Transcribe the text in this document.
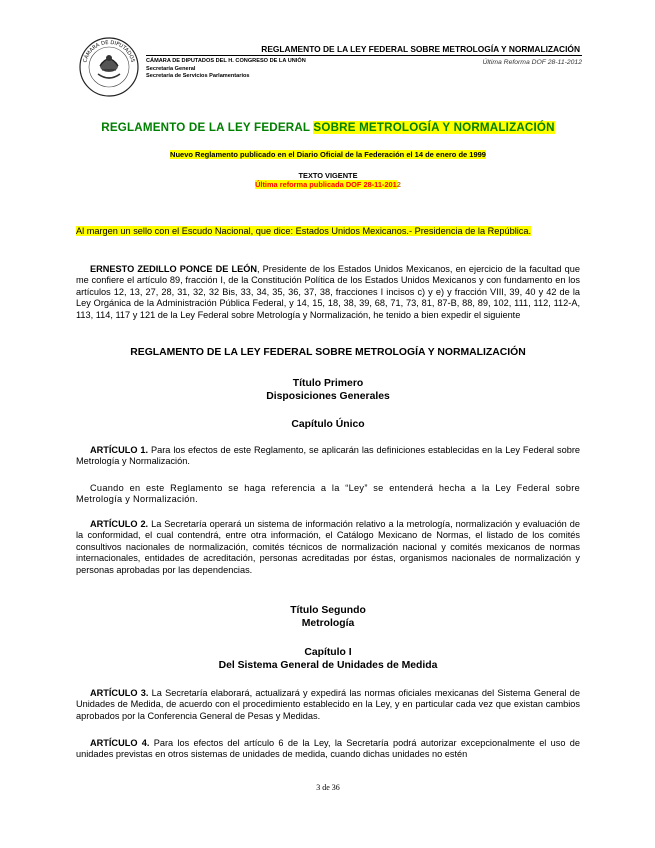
CÁMARA DE DIPUTADOS
REGLAMENTO DE LA LEY FEDERAL SOBRE METROLOGÍA Y NORMALIZACIÓN
CÁMARA DE DIPUTADOS DEL H. CONGRESO DE LA UNIÓN
Secretaría General
Secretaría de Servicios Parlamentarios
Última Reforma DOF 28-11-2012
REGLAMENTO DE LA LEY FEDERAL SOBRE METROLOGÍA Y NORMALIZACIÓN
Nuevo Reglamento publicado en el Diario Oficial de la Federación el 14 de enero de 1999
TEXTO VIGENTE
Última reforma publicada DOF 28-11-2012
Al margen un sello con el Escudo Nacional, que dice: Estados Unidos Mexicanos.- Presidencia de la República.
ERNESTO ZEDILLO PONCE DE LEÓN, Presidente de los Estados Unidos Mexicanos, en ejercicio de la facultad que me confiere el artículo 89, fracción I, de la Constitución Política de los Estados Unidos Mexicanos y con fundamento en los artículos 12, 13, 27, 28, 31, 32, 32 Bis, 33, 34, 35, 36, 37, 38, fracciones I incisos c) y e) y fracción VIII, 39, 40 y 42 de la Ley Orgánica de la Administración Pública Federal, y 14, 15, 18, 38, 39, 68, 71, 73, 81, 87-B, 88, 89, 102, 111, 112, 112-A, 113, 114, 117 y 121 de la Ley Federal sobre Metrología y Normalización, he tenido a bien expedir el siguiente
REGLAMENTO DE LA LEY FEDERAL SOBRE METROLOGÍA Y NORMALIZACIÓN
Título Primero
Disposiciones Generales
Capítulo Único
ARTÍCULO 1. Para los efectos de este Reglamento, se aplicarán las definiciones establecidas en la Ley Federal sobre Metrología y Normalización.
Cuando en este Reglamento se haga referencia a la “Ley” se entenderá hecha a la Ley Federal sobre Metrología y Normalización.
ARTÍCULO 2. La Secretaría operará un sistema de información relativo a la metrología, normalización y evaluación de la conformidad, el cual contendrá, entre otra información, el Catálogo Mexicano de Normas, el listado de los comités consultivos nacionales de normalización, comités técnicos de normalización nacional y comités mexicanos de normas internacionales, entidades de acreditación, personas acreditadas por éstas, organismos nacionales de normalización y personas aprobadas por las dependencias.
Título Segundo
Metrología
Capítulo I
Del Sistema General de Unidades de Medida
ARTÍCULO 3. La Secretaría elaborará, actualizará y expedirá las normas oficiales mexicanas del Sistema General de Unidades de Medida, de acuerdo con el procedimiento establecido en la Ley, y en particular cada vez que existan cambios aprobados por la Conferencia General de Pesas y Medidas.
ARTÍCULO 4. Para los efectos del artículo 6 de la Ley, la Secretaría podrá autorizar excepcionalmente el uso de unidades previstas en otros sistemas de unidades de medida, cuando dichas unidades no estén
3 de 36
